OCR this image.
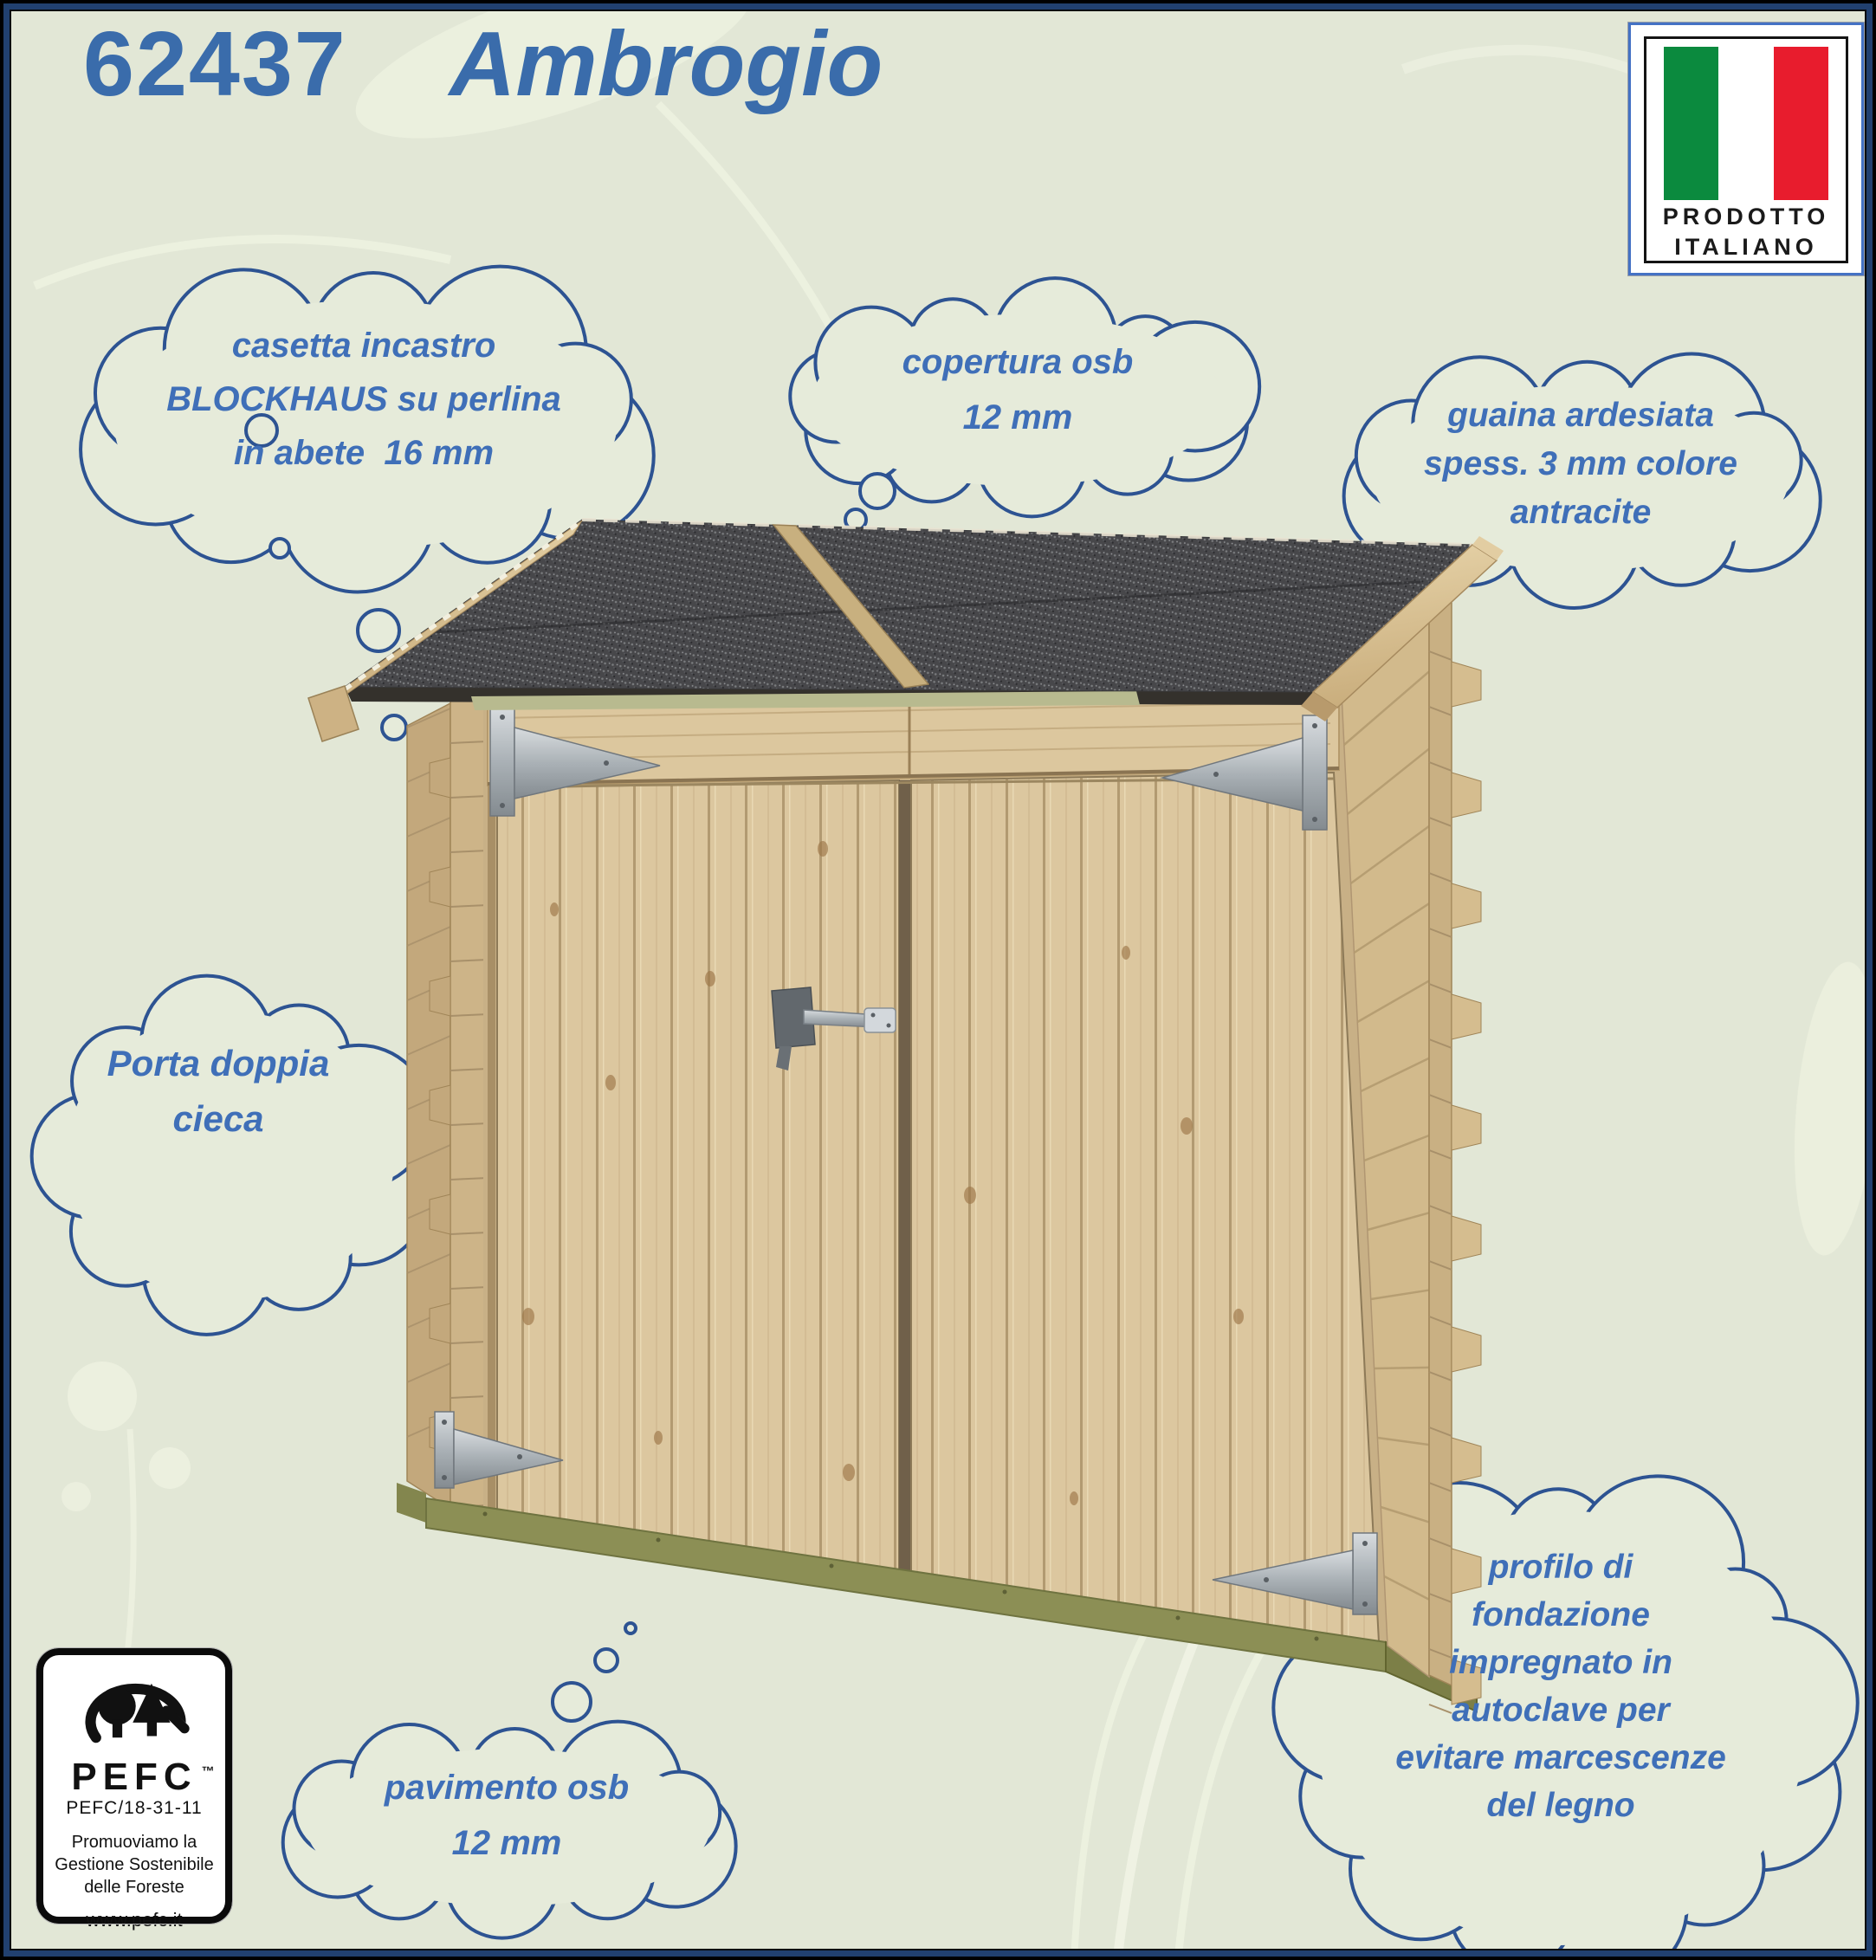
62437 Ambrogio
PRODOTTO
ITALIANO
casetta incastro
BLOCKHAUS su perlina
in abete  16 mm
copertura osb
12 mm	guaina ardesiata
spess. 3 mm colore
antracite
Porta doppia
cieca
profilo di
fondazione
impregnato in
autoclave per
evitare marcescenze
del legno
pavimento osb
12 mm
PEFC ™
PEFC/18-31-11
Promuoviamo la
Gestione Sostenibile
delle Foreste
www.pefc.it
